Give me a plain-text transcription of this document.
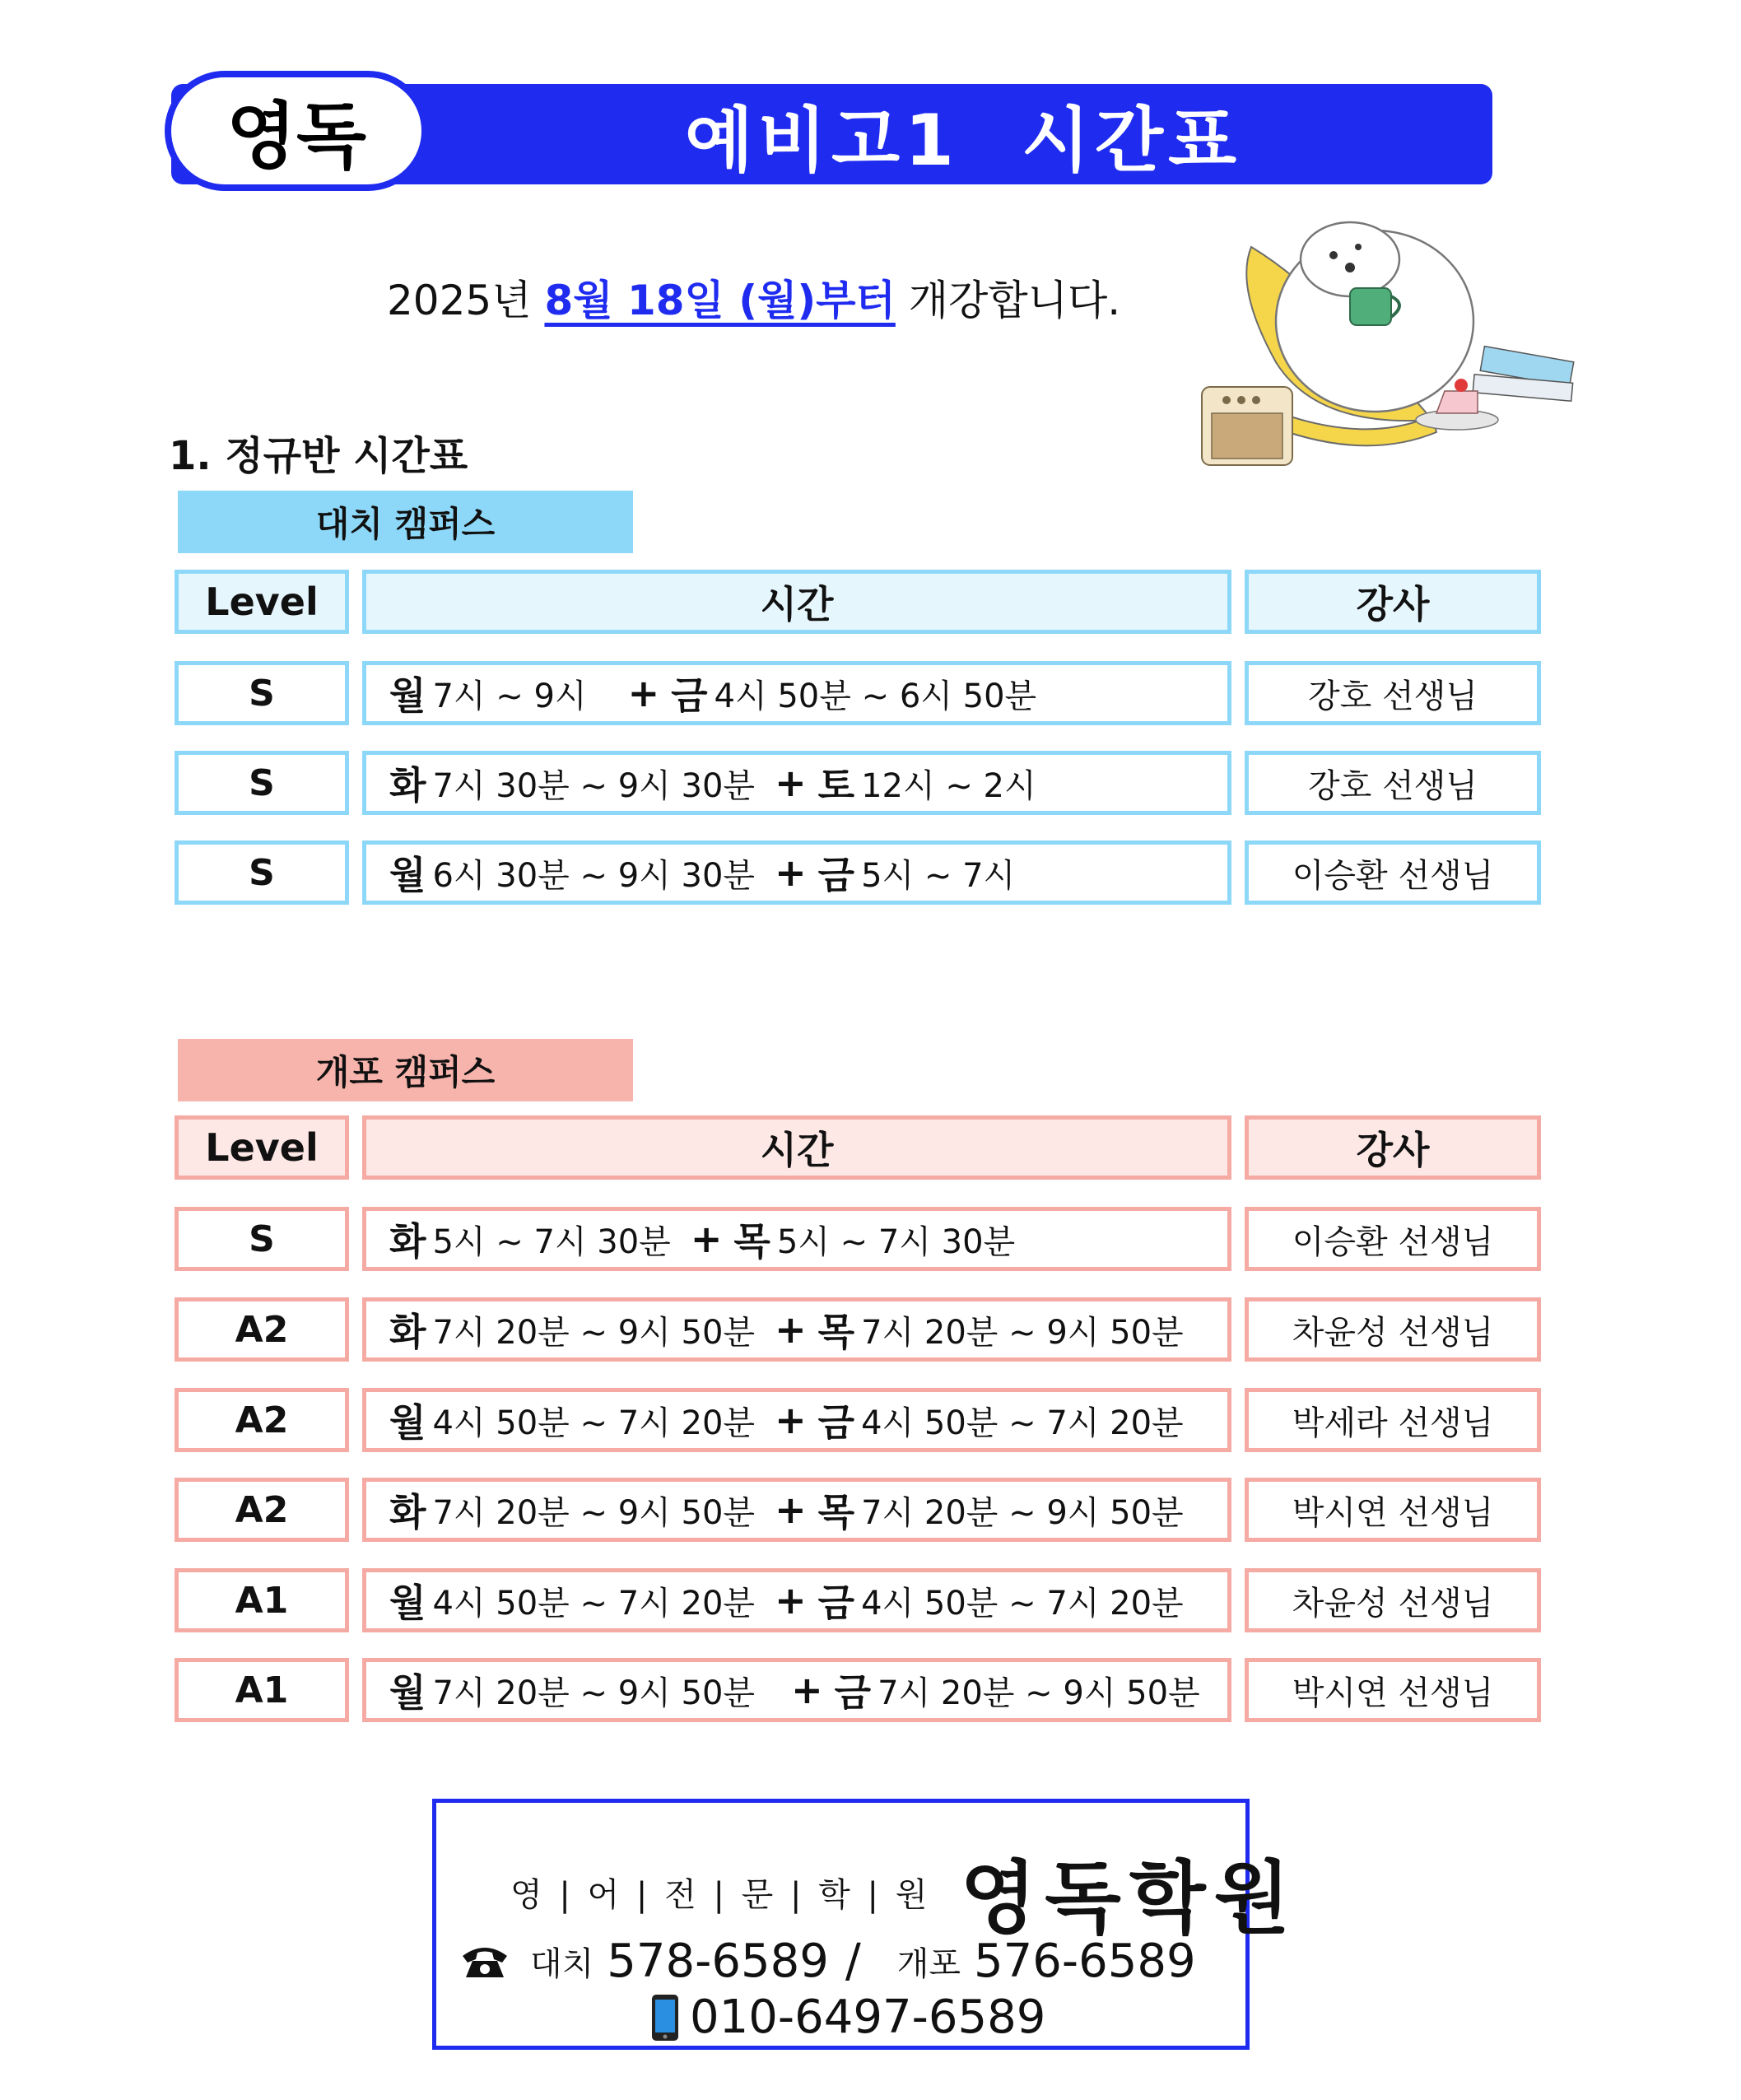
영독	예비고1 시간표
2025년 8월 18일 (월)부터 개강합니다.
1. 정규반 시간표
대치 캠퍼스
Level	시간	강사
S	월 7시 ~ 9시 + 금 4시 50분 ~ 6시 50분	강호 선생님
S	화 7시 30분 ~ 9시 30분 + 토 12시 ~ 2시	강호 선생님
S	월 6시 30분 ~ 9시 30분 + 금 5시 ~ 7시	이승환 선생님
개포 캠퍼스
Level	시간	강사
S	화 5시 ~ 7시 30분 + 목 5시 ~ 7시 30분	이승환 선생님
A2	화 7시 20분 ~ 9시 50분 + 목 7시 20분 ~ 9시 50분	차윤성 선생님
A2	월 4시 50분 ~ 7시 20분 + 금 4시 50분 ~ 7시 20분	박세라 선생님
A2	화 7시 20분 ~ 9시 50분 + 목 7시 20분 ~ 9시 50분	박시연 선생님
A1	월 4시 50분 ~ 7시 20분 + 금 4시 50분 ~ 7시 20분	차윤성 선생님
A1	월 7시 20분 ~ 9시 50분 + 금 7시 20분 ~ 9시 50분	박시연 선생님
영 | 어 | 전 | 문 | 학 | 원 영독학원
대치 578-6589 / 개포 576-6589
010-6497-6589
